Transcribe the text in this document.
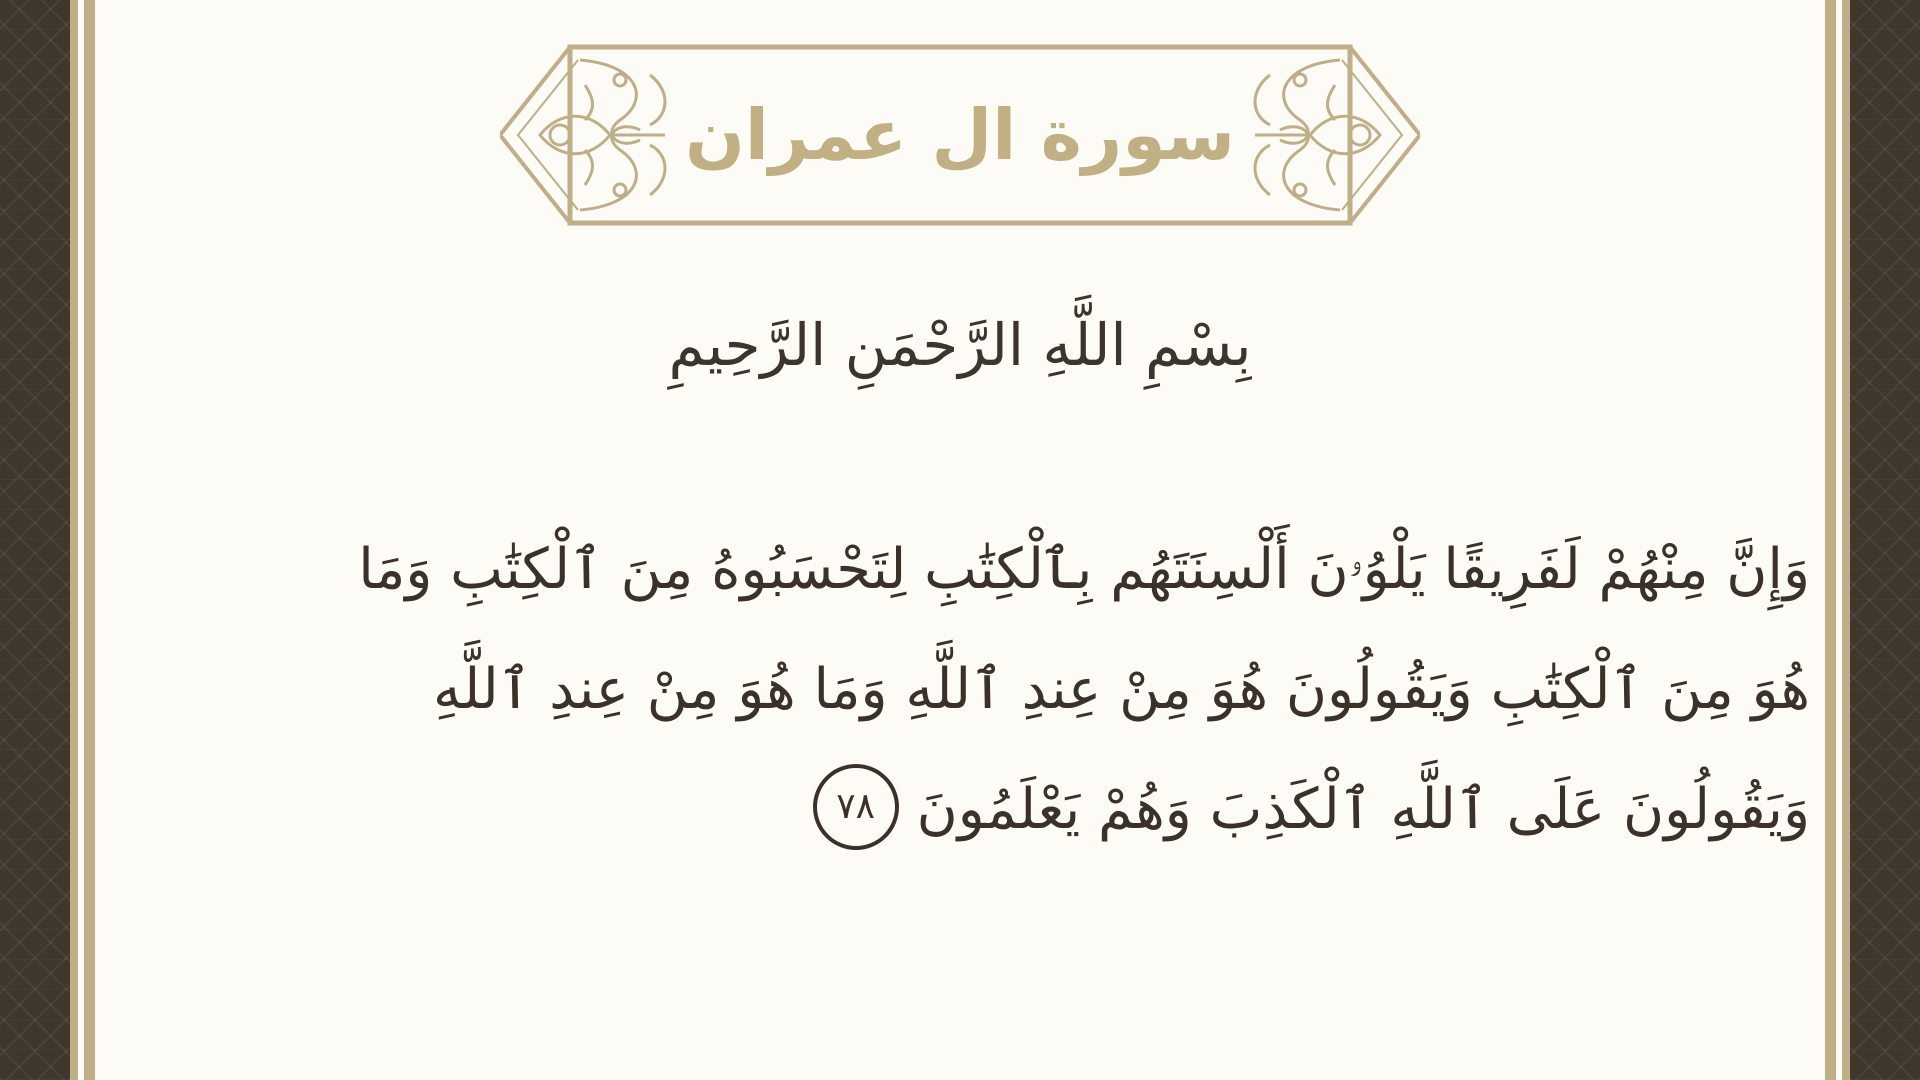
سورة ال عمران
بِسْمِ اللَّهِ الرَّحْمَنِ الرَّحِيمِ
وَإِنَّ مِنْهُمْ لَفَرِيقًا يَلْوُۥنَ أَلْسِنَتَهُم بِٱلْكِتَٰبِ لِتَحْسَبُوهُ مِنَ ٱلْكِتَٰبِ وَمَا
هُوَ مِنَ ٱلْكِتَٰبِ وَيَقُولُونَ هُوَ مِنْ عِندِ ٱللَّهِ وَمَا هُوَ مِنْ عِندِ ٱللَّهِ
وَيَقُولُونَ عَلَى ٱللَّهِ ٱلْكَذِبَ وَهُمْ يَعْلَمُونَ٧٨
